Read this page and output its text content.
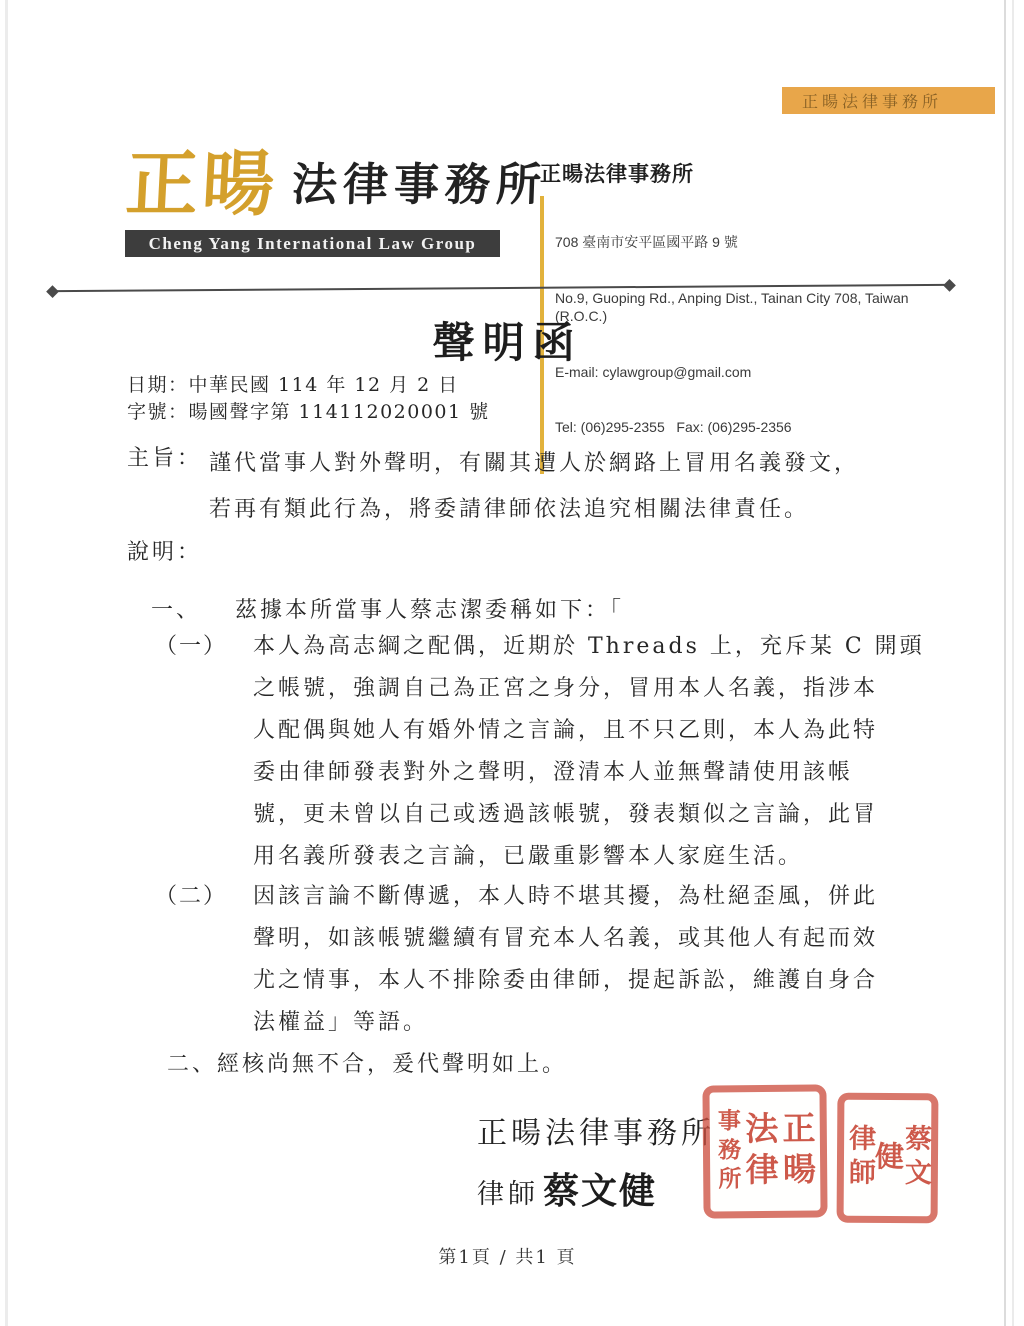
正暘法律事務所
正暘 法律事務所
Cheng Yang International Law Group
正暘法律事務所

708 臺南市安平區國平路 9 號

No.9, Guoping Rd., Anping Dist., Tainan City 708, Taiwan (R.O.C.)

E-mail: cylawgroup@gmail.com

Tel: (06)295-2355   Fax: (06)295-2356

聲明函
日期：中華民國 114 年 12 月 2 日
字號：暘國聲字第 114112020001 號
主旨： 謹代當事人對外聲明，有關其遭人於網路上冒用名義發文，
若再有類此行為，將委請律師依法追究相關法律責任。
說明：
一、 茲據本所當事人蔡志潔委稱如下：「
（一） 本人為高志綱之配偶，近期於 Threads 上，充斥某 C 開頭
之帳號，強調自己為正宮之身分，冒用本人名義，指涉本
人配偶與她人有婚外情之言論，且不只乙則，本人為此特
委由律師發表對外之聲明，澄清本人並無聲請使用該帳
號，更未曾以自己或透過該帳號，發表類似之言論，此冒
用名義所發表之言論，已嚴重影響本人家庭生活。
（二） 因該言論不斷傳遞，本人時不堪其擾，為杜絕歪風，併此
聲明，如該帳號繼續有冒充本人名義，或其他人有起而效
尤之情事，本人不排除委由律師，提起訴訟，維護自身合
法權益」等語。
二、經核尚無不合，爰代聲明如上。
正暘法律事務所
律師 蔡文健 事務所
法律
正暘 律師
健
蔡文
第1頁 / 共1 頁
